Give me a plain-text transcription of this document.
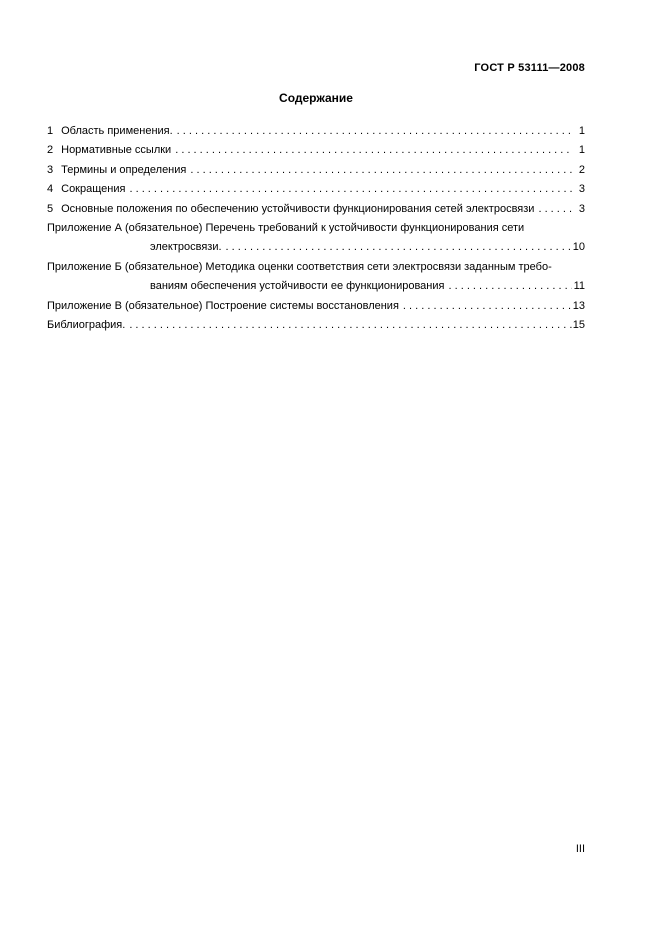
ГОСТ Р 53111—2008
Содержание
1 Область применения. . . .	1
2 Нормативные ссылки . . .	1
3 Термины и определения . . .	2
4 Сокращения . . .	3
5 Основные положения по обеспечению устойчивости функционирования сетей электросвязи . . .	3
Приложение А (обязательное) Перечень требований к устойчивости функционирования сети
электросвязи. . . .	10
Приложение Б (обязательное) Методика оценки соответствия сети электросвязи заданным требо-
ваниям обеспечения устойчивости ее функционирования . . .	11
Приложение В (обязательное) Построение системы восстановления . . .	13
Библиография. . . .	15
III
